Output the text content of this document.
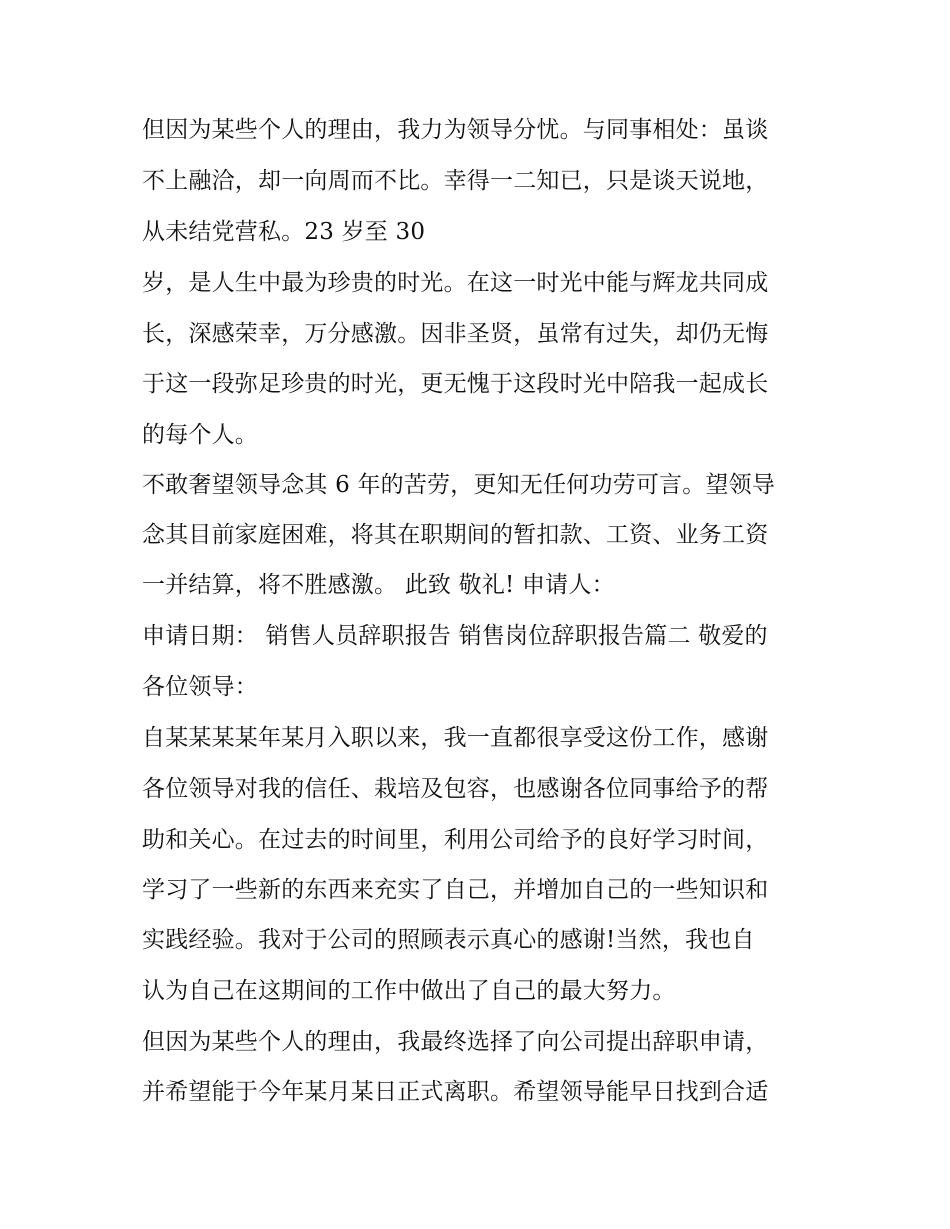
但因为某些个人的理由，我力为领导分忧。与同事相处：虽谈
不上融洽，却一向周而不比。幸得一二知已，只是谈天说地，
从未结党营私。23 岁至 30
岁，是人生中最为珍贵的时光。在这一时光中能与辉龙共同成
长，深感荣幸，万分感激。因非圣贤，虽常有过失，却仍无悔
于这一段弥足珍贵的时光，更无愧于这段时光中陪我一起成长
的每个人。
不敢奢望领导念其 6 年的苦劳，更知无任何功劳可言。望领导
念其目前家庭困难，将其在职期间的暂扣款、工资、业务工资
一并结算，将不胜感激。 此致 敬礼! 申请人：
申请日期： 销售人员辞职报告 销售岗位辞职报告篇二 敬爱的
各位领导：
自某某某某年某月入职以来，我一直都很享受这份工作，感谢
各位领导对我的信任、栽培及包容，也感谢各位同事给予的帮
助和关心。在过去的时间里，利用公司给予的良好学习时间，
学习了一些新的东西来充实了自己，并增加自己的一些知识和
实践经验。我对于公司的照顾表示真心的感谢!当然，我也自
认为自己在这期间的工作中做出了自己的最大努力。
但因为某些个人的理由，我最终选择了向公司提出辞职申请，
并希望能于今年某月某日正式离职。希望领导能早日找到合适
